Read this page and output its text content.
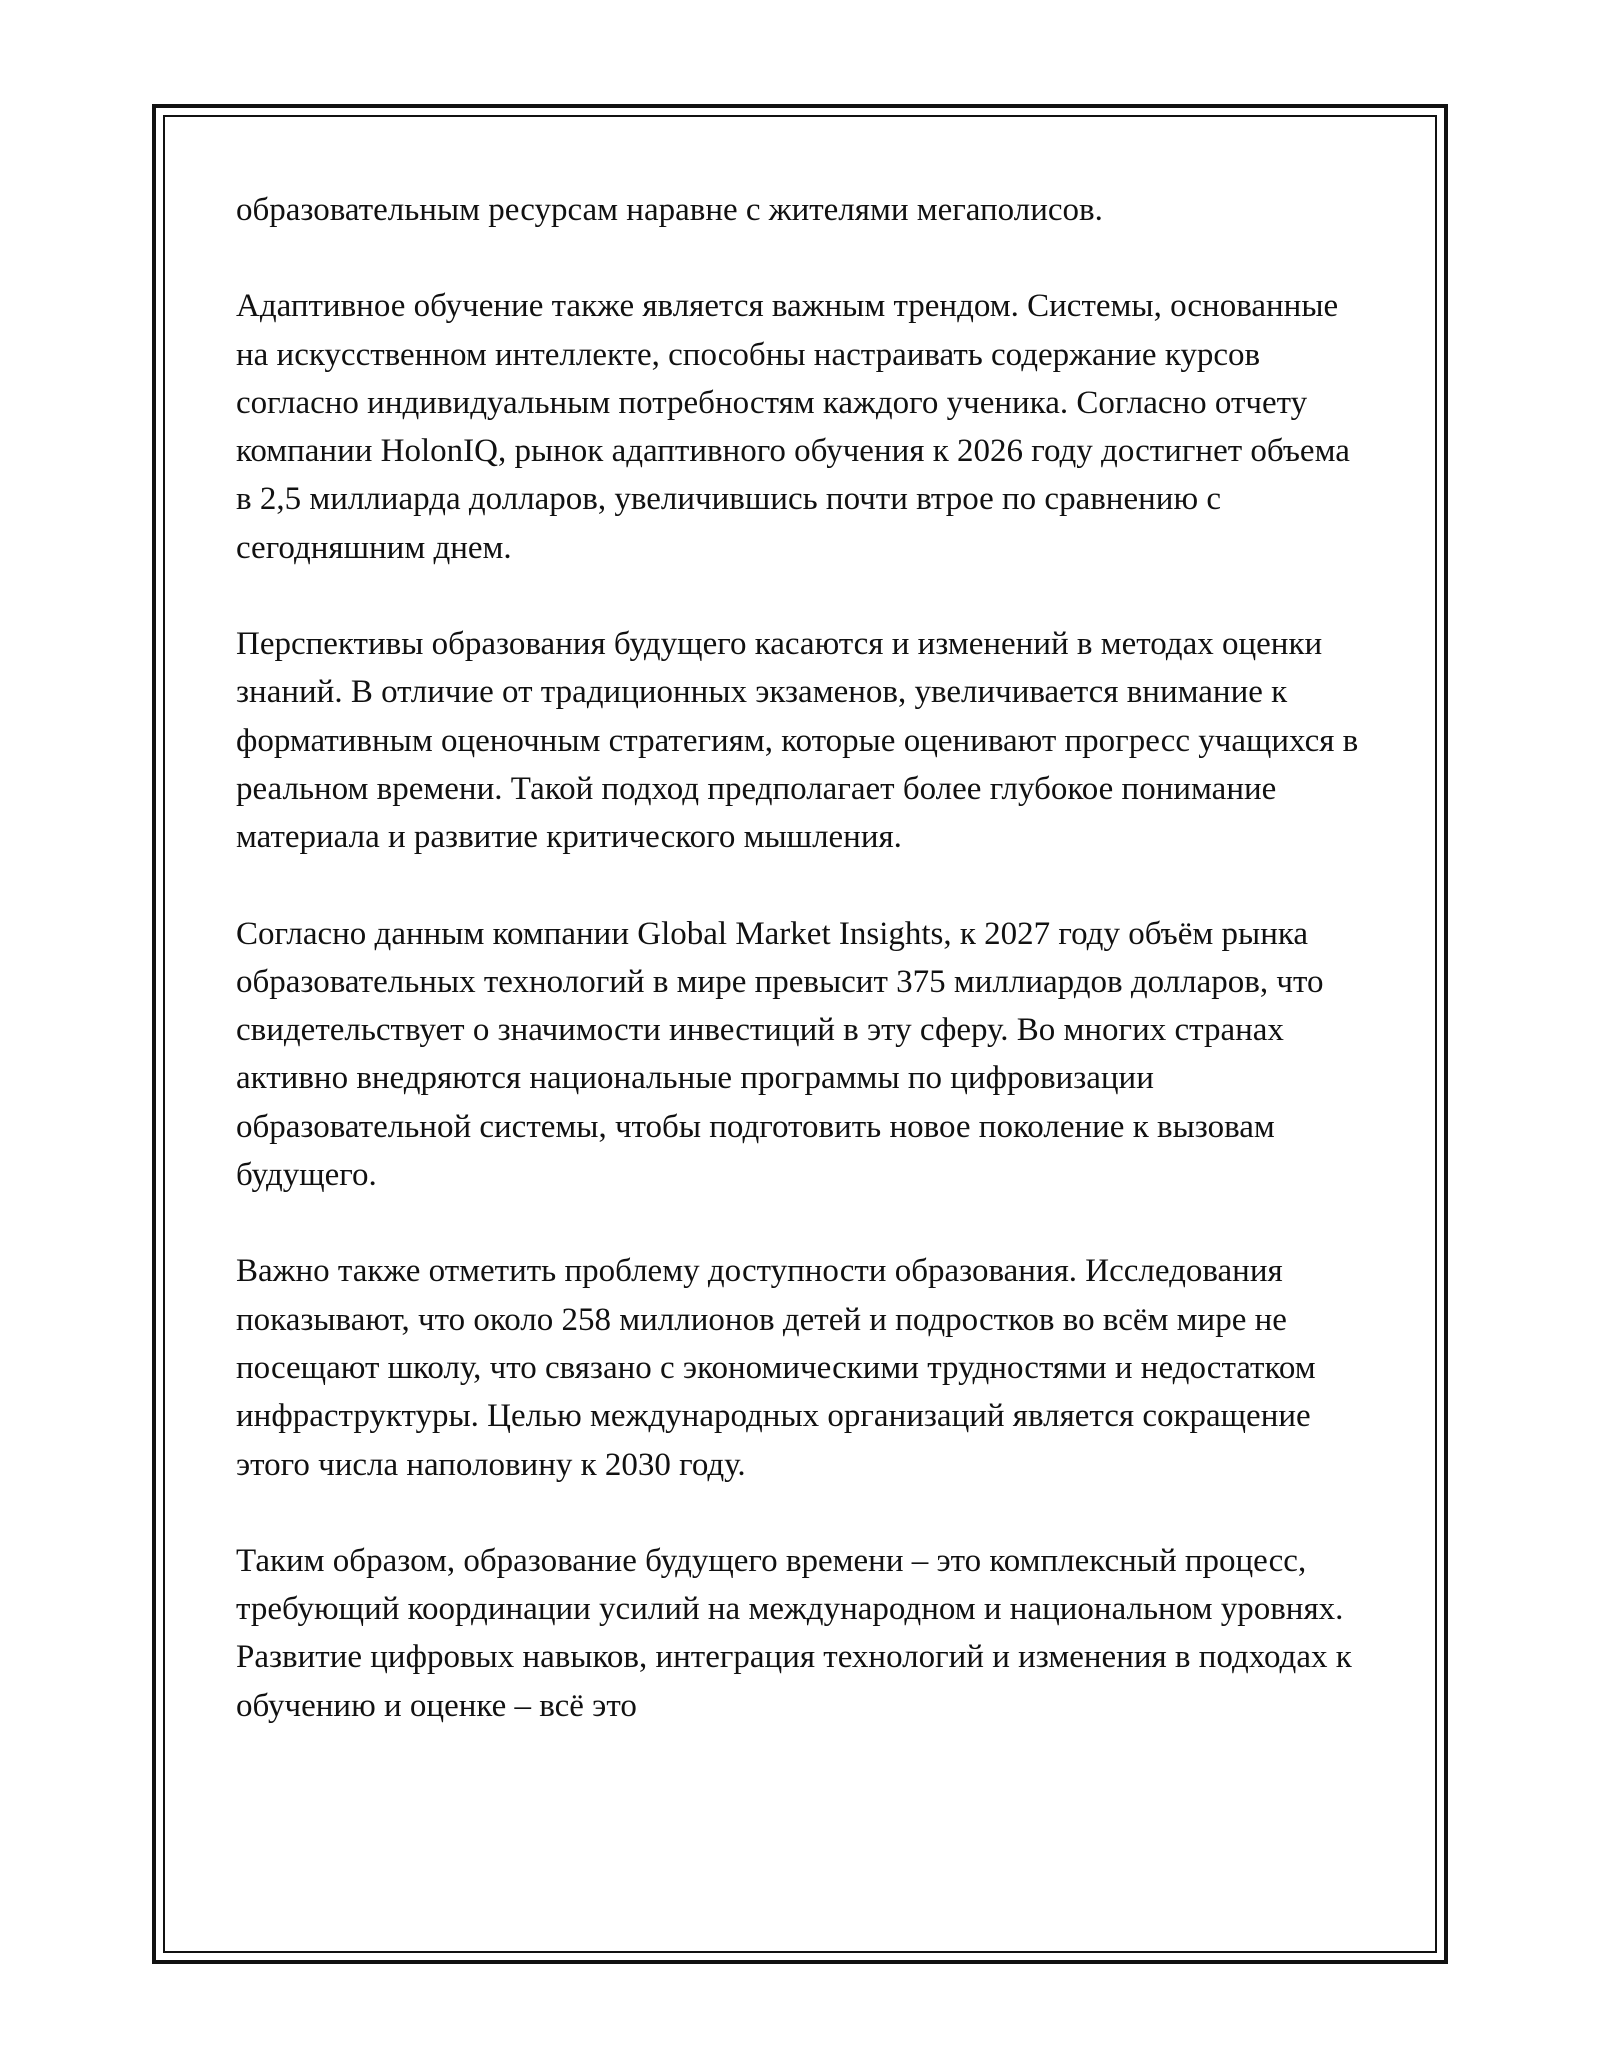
образовательным ресурсам наравне с жителями мегаполисов.

Адаптивное обучение также является важным трендом. Системы, основанные на искусственном интеллекте, способны настраивать содержание курсов согласно индивидуальным потребностям каждого ученика. Согласно отчету компании HolonIQ, рынок адаптивного обучения к 2026 году достигнет объема в 2,5 миллиарда долларов, увеличившись почти втрое по сравнению с сегодняшним днем.

Перспективы образования будущего касаются и изменений в методах оценки знаний. В отличие от традиционных экзаменов, увеличивается внимание к формативным оценочным стратегиям, которые оценивают прогресс учащихся в реальном времени. Такой подход предполагает более глубокое понимание материала и развитие критического мышления.

Согласно данным компании Global Market Insights, к 2027 году объём рынка образовательных технологий в мире превысит 375 миллиардов долларов, что свидетельствует о значимости инвестиций в эту сферу. Во многих странах активно внедряются национальные программы по цифровизации образовательной системы, чтобы подготовить новое поколение к вызовам будущего.

Важно также отметить проблему доступности образования. Исследования показывают, что около 258 миллионов детей и подростков во всём мире не посещают школу, что связано с экономическими трудностями и недостатком инфраструктуры. Целью международных организаций является сокращение этого числа наполовину к 2030 году.

Таким образом, образование будущего времени – это комплексный процесс, требующий координации усилий на международном и национальном уровнях. Развитие цифровых навыков, интеграция технологий и изменения в подходах к обучению и оценке – всё это
